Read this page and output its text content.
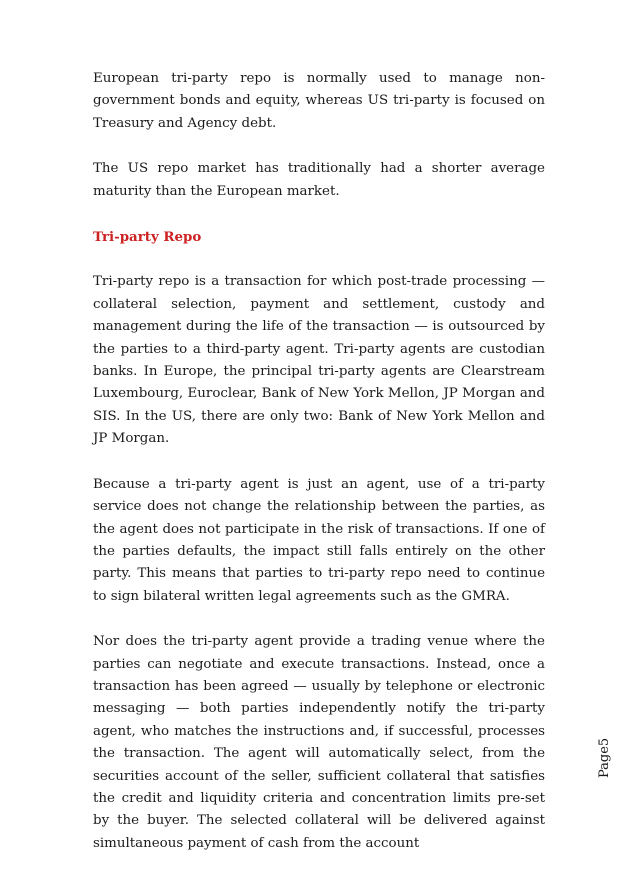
European tri-party repo is normally used to manage non-government bonds and equity, whereas US tri-party is focused on Treasury and Agency debt.

The US repo market has traditionally had a shorter average maturity than the European market.

Tri-party Repo

Tri-party repo is a transaction for which post-trade processing — collateral selection, payment and settlement, custody and management during the life of the transaction — is outsourced by the parties to a third-party agent. Tri-party agents are custodian banks. In Europe, the principal tri-party agents are Clearstream Luxembourg, Euroclear, Bank of New York Mellon, JP Morgan and SIS. In the US, there are only two: Bank of New York Mellon and JP Morgan.

Because a tri-party agent is just an agent, use of a tri-party service does not change the relationship between the parties, as the agent does not participate in the risk of transactions. If one of the parties defaults, the impact still falls entirely on the other party. This means that parties to tri-party repo need to continue to sign bilateral written legal agreements such as the GMRA.

Nor does the tri-party agent provide a trading venue where the parties can negotiate and execute transactions. Instead, once a transaction has been agreed — usually by telephone or electronic messaging — both parties independently notify the tri-party agent, who matches the instructions and, if successful, processes the transaction. The agent will automatically select, from the securities account of the seller, sufficient collateral that satisfies the credit and liquidity criteria and concentration limits pre-set by the buyer. The selected collateral will be delivered against simultaneous payment of cash from the account

Page5
